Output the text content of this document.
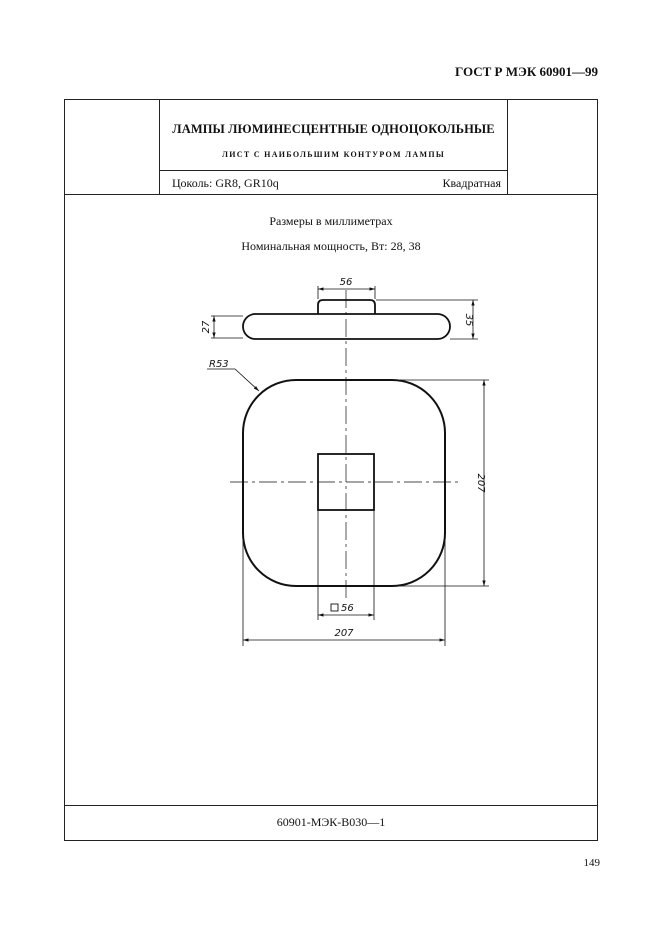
ГОСТ Р МЭК 60901—99
ЛАМПЫ ЛЮМИНЕСЦЕНТНЫЕ ОДНОЦОКОЛЬНЫЕ
ЛИСТ С НАИБОЛЬШИМ КОНТУРОМ ЛАМПЫ
Цоколь: GR8, GR10q	Квадратная
Размеры в миллиметрах
Номинальная мощность, Вт: 28, 38
60901-МЭК-В030—1
56
27
35
R53
207
56
207
149
